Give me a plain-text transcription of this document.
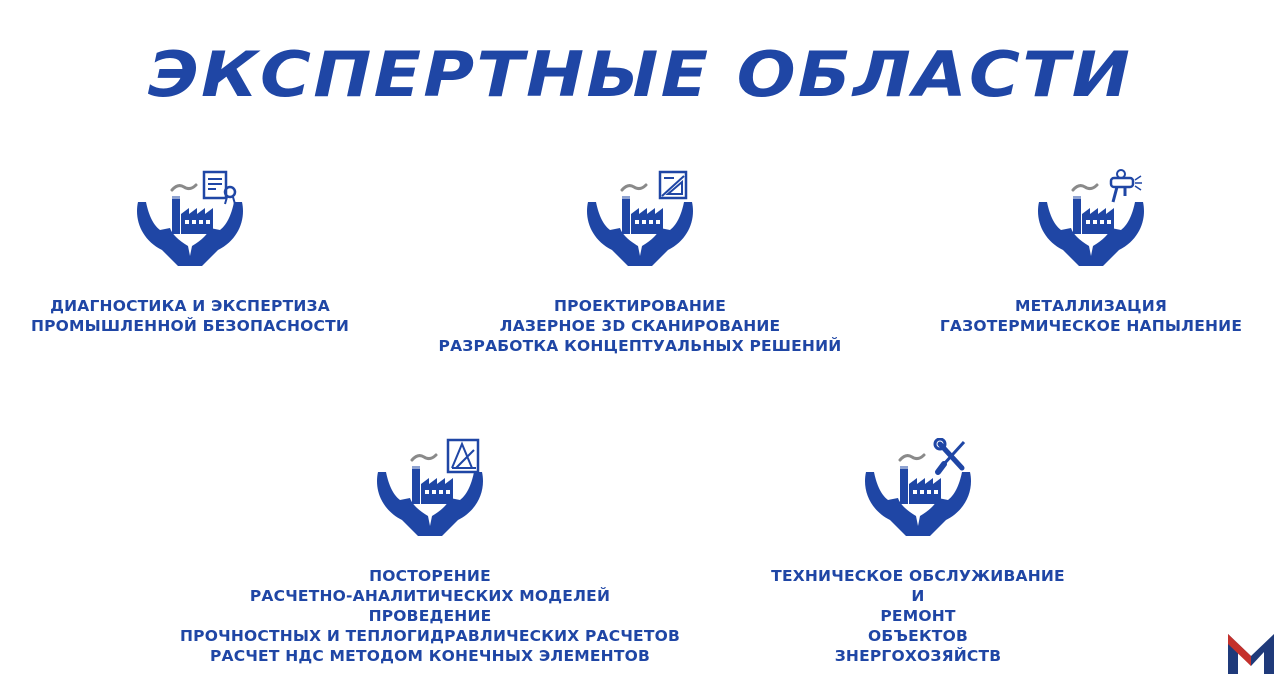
ЭКСПЕРТНЫЕ ОБЛАСТИ
ДИАГНОСТИКА И ЭКСПЕРТИЗА
ПРОМЫШЛЕННОЙ БЕЗОПАСНОСТИ
ПРОЕКТИРОВАНИЕ
ЛАЗЕРНОЕ 3D СКАНИРОВАНИЕ
РАЗРАБОТКА КОНЦЕПТУАЛЬНЫХ РЕШЕНИЙ
МЕТАЛЛИЗАЦИЯ
ГАЗОТЕРМИЧЕСКОЕ НАПЫЛЕНИЕ
ПОСТОРЕНИЕ
РАСЧЕТНО-АНАЛИТИЧЕСКИХ МОДЕЛЕЙ
ПРОВЕДЕНИЕ
ПРОЧНОСТНЫХ И ТЕПЛОГИДРАВЛИЧЕСКИХ РАСЧЕТОВ
РАСЧЕТ НДС МЕТОДОМ КОНЕЧНЫХ ЭЛЕМЕНТОВ
ТЕХНИЧЕСКОЕ ОБСЛУЖИВАНИЕ
И
РЕМОНТ
ОБЪЕКТОВ
ЗНЕРГОХОЗЯЙСТВ
